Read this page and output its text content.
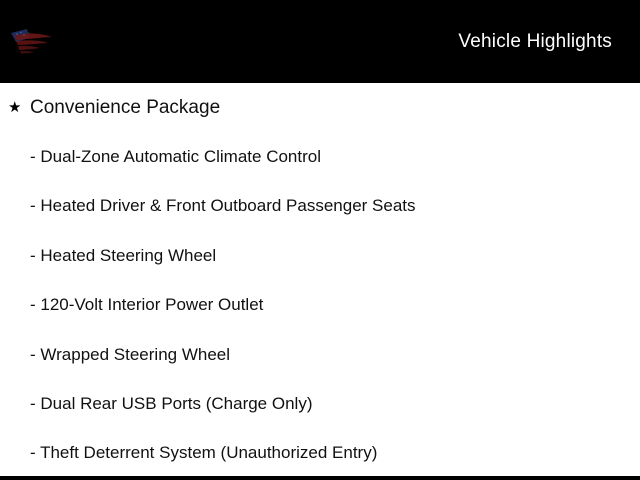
Vehicle Highlights
★ Convenience Package
- Dual-Zone Automatic Climate Control
- Heated Driver & Front Outboard Passenger Seats
- Heated Steering Wheel
- 120-Volt Interior Power Outlet
- Wrapped Steering Wheel
- Dual Rear USB Ports (Charge Only)
- Theft Deterrent System (Unauthorized Entry)
